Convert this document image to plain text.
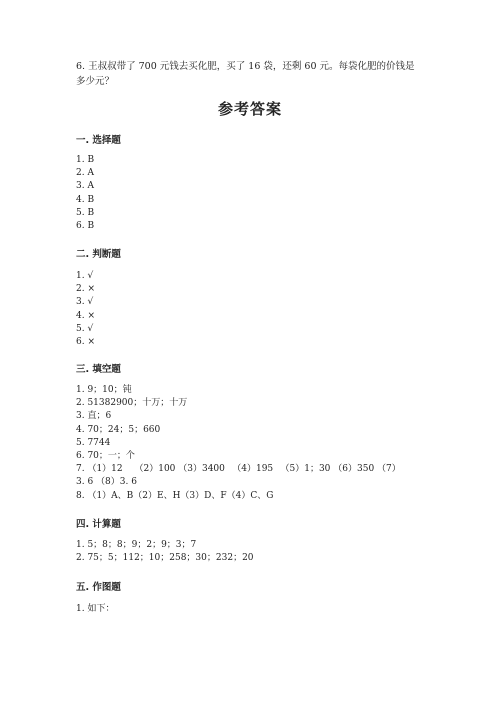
6. 王叔叔带了 700 元钱去买化肥，买了 16 袋，还剩 60 元。每袋化肥的价钱是
多少元？
参考答案
一. 选择题
1. B
2. A
3. A
4. B
5. B
6. B
二. 判断题
1. √
2. ×
3. √
4. ×
5. √
6. ×
三. 填空题
1. 9；10；钝
2. 51382900；十万；十万
3. 直；6
4. 70；24；5；660
5. 7744
6. 70；一；个
7. （1）12　 （2）100 （3）3400 　（4）195 　（5）1；30 （6）350 （7）
3. 6 （8）3. 6
8. （1）A、B（2）E、H（3）D、F（4）C、G
四. 计算题
1. 5；8；8；9；2；9；3；7
2. 75；5；112；10；258；30；232；20
五. 作图题
1. 如下：
